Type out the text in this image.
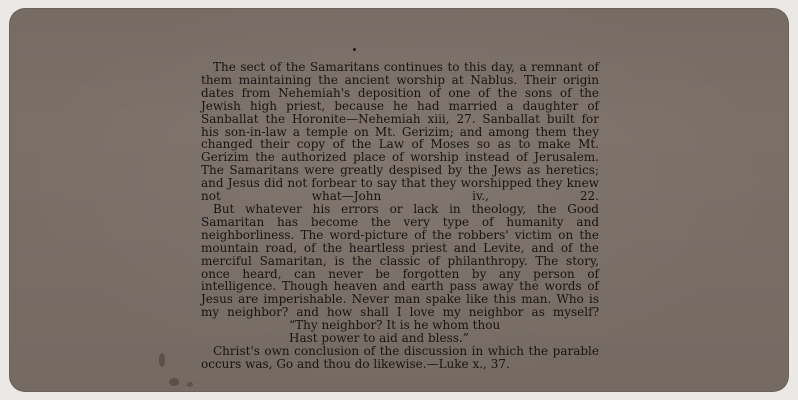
The sect of the Samaritans continues to this day, a remnant of them maintaining the ancient worship at Nablus. Their origin dates from Nehemiah's deposition of one of the sons of the Jewish high priest, because he had married a daughter of Sanballat the Horonite—Nehemiah xiii, 27. Sanballat built for his son-in-law a temple on Mt. Gerizim; and among them they changed their copy of the Law of Moses so as to make Mt. Gerizim the authorized place of worship instead of Jerusalem. The Samaritans were greatly despised by the Jews as heretics; and Jesus did not forbear to say that they worshipped they knew not what—John iv., 22.

But whatever his errors or lack in theology, the Good Samaritan has become the very type of humanity and neighborliness. The word-picture of the robbers' victim on the mountain road, of the heartless priest and Levite, and of the merciful Samaritan, is the classic of philanthropy. The story, once heard, can never be forgotten by any person of intelligence. Though heaven and earth pass away the words of Jesus are imperishable. Never man spake like this man. Who is my neighbor? and how shall I love my neighbor as myself?

“Thy neighbor? It is he whom thou

Hast power to aid and bless.”

Christ's own conclusion of the discussion in which the parable occurs was, Go and thou do likewise.—Luke x., 37.
